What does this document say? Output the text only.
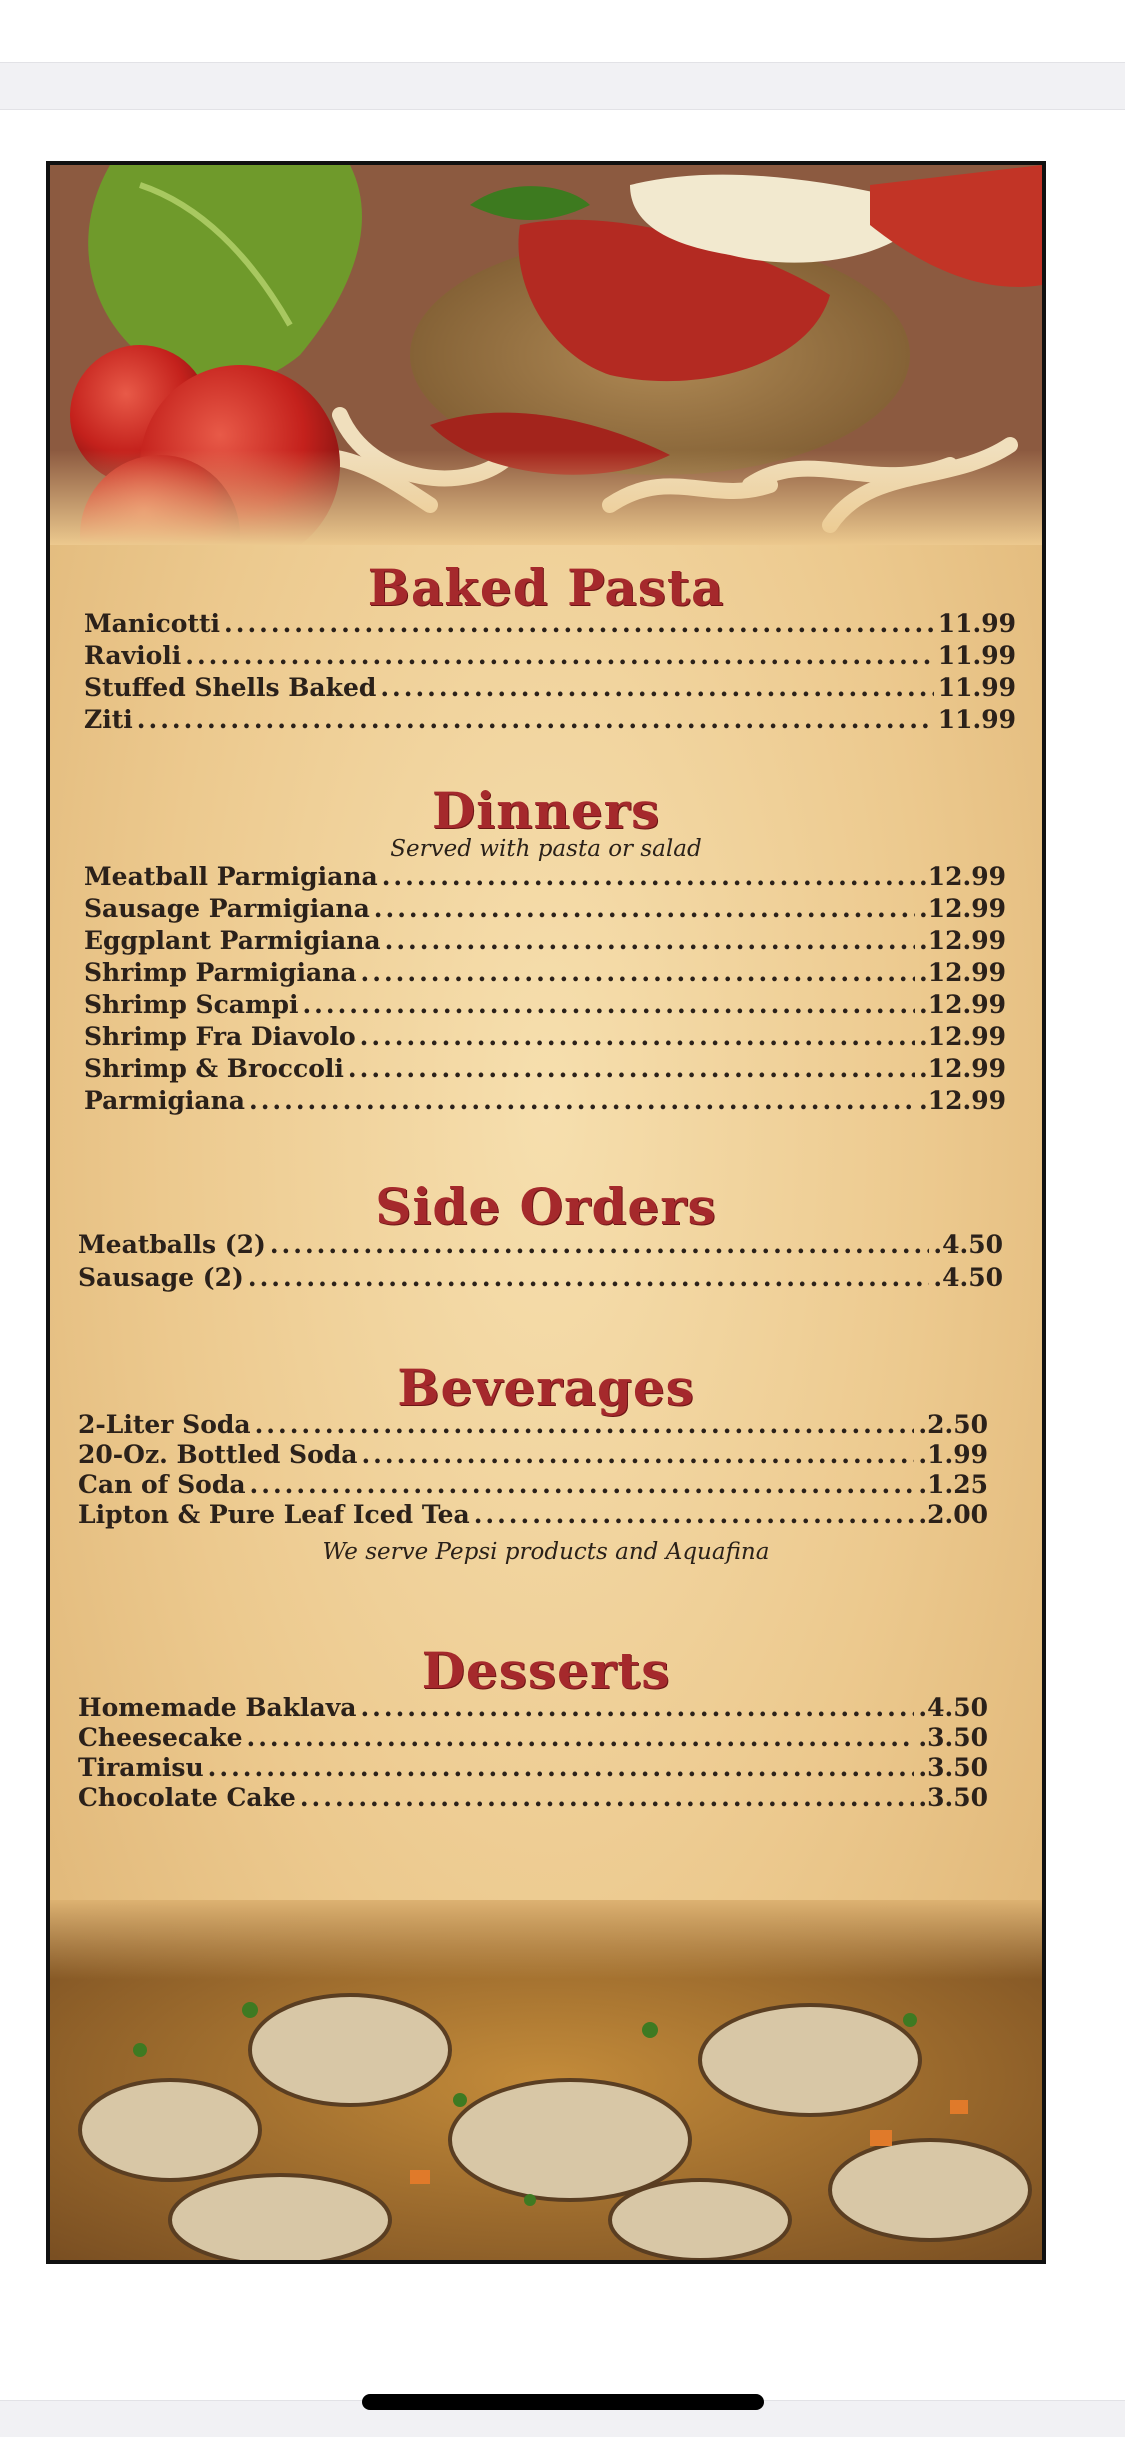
Baked Pasta
Manicotti .....	11.99
Ravioli .....	11.99
Stuffed Shells Baked .....	11.99
Ziti .....	11.99
Dinners
Served with pasta or salad
Meatball Parmigiana .....	.12.99
Sausage Parmigiana .....	.12.99
Eggplant Parmigiana .....	.12.99
Shrimp Parmigiana .....	.12.99
Shrimp Scampi .....	.12.99
Shrimp Fra Diavolo .....	.12.99
Shrimp & Broccoli .....	.12.99
Parmigiana .....	.12.99
Side Orders
Meatballs (2) .....	.4.50
Sausage (2) .....	.4.50
Beverages
2-Liter Soda .....	.2.50
20-Oz. Bottled Soda .....	.1.99
Can of Soda .....	.1.25
Lipton & Pure Leaf Iced Tea .....	.2.00
We serve Pepsi products and Aquafina
Desserts
Homemade Baklava .....	.4.50
Cheesecake .....	.3.50
Tiramisu .....	.3.50
Chocolate Cake .....	.3.50
